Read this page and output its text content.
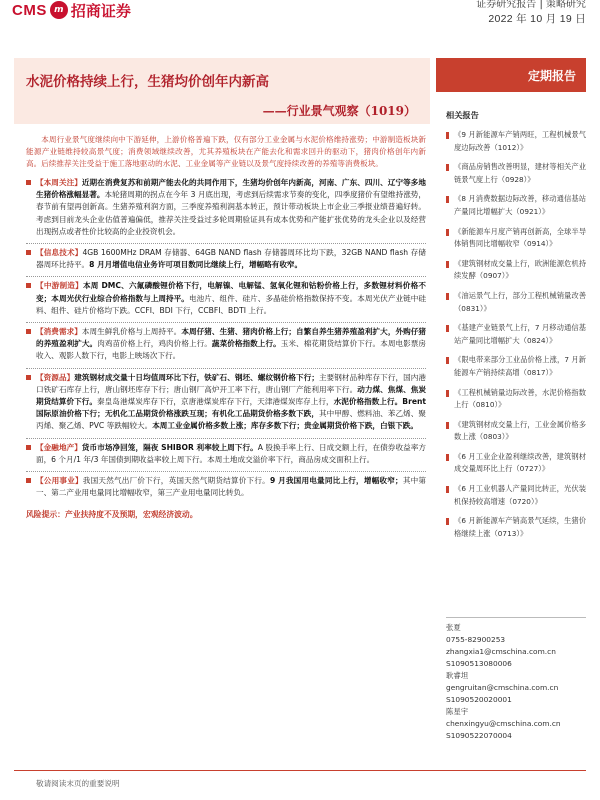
CMS m 招商证券	证券研究报告 | 策略研究
2022 年 10 月 19 日
水泥价格持续上行，生猪均价创年内新高
——行业景气观察（1019）
定期报告

本周行业景气度继续向中下游延伸，上游价格普遍下跌，仅有部分工业金属与水泥价格维持涨势；中游制造板块新能源产业链维持较高景气度；消费领域继续改善，尤其养殖板块在产能去化和需求回升的驱动下，猪肉价格创年内新高。后续推荐关注受益于施工落地驱动的水泥、工业金属等产业链以及景气度持续改善的养殖等消费板块。

【本周关注】近期在消费复苏和前期产能去化的共同作用下，生猪均价创年内新高，河南、广东、四川、辽宁等多地生猪价格涨幅显著。本轮猪周期的拐点在今年 3 月底出现，考虑到后续需求节奏的变化，四季度猪价有望维持涨势，春节前有望再创新高。生猪养殖利润方面，三季度养殖利润基本转正，预计带动板块上市企业三季报业绩普遍好转。考虑到目前龙头企业估值普遍偏低，推荐关注受益过多轮周期验证具有成本优势和产能扩张优势的龙头企业以及经营出现拐点或者性价比较高的企业投资机会。
【信息技术】4GB 1600MHz DRAM 存储器、64GB NAND flash 存储器周环比均下跌，32GB NAND flash 存储器周环比持平。8 月月增值电信业务许可项目数同比继续上行，增幅略有收窄。
【中游制造】本周 DMC、六氟磷酸锂价格下行，电解镍、电解锰、氢氧化锂和钴粉价格上行，多数锂材料价格不变；本周光伏行业综合价格指数与上周持平。电池片、组件、硅片、多晶硅价格指数保持不变。本周光伏产业链中硅料、组件、硅片价格均下跌。CCFI、BDI 下行，CCBFI、BDTI 上行。
【消费需求】本周生鲜乳价格与上周持平。本周仔猪、生猪、猪肉价格上行；自繁自养生猪养殖盈利扩大，外购仔猪的养殖盈利扩大。肉鸡苗价格上行，鸡肉价格上行。蔬菜价格指数上行。玉米、棉花期货结算价下行。本周电影票房收入、观影人数下行，电影上映场次下行。
【资源品】建筑钢材成交量十日均值周环比下行，铁矿石、钢坯、螺纹钢价格下行；主要钢材品种库存下行，国内港口铁矿石库存上行，唐山钢坯库存下行；唐山钢厂高炉开工率下行，唐山钢厂产能利用率下行。动力煤、焦煤、焦炭期货结算价下行。秦皇岛港煤炭库存下行，京唐港煤炭库存下行，天津港煤炭库存上行，水泥价格指数上行。Brent 国际原油价格下行；无机化工品期货价格涨跌互现；有机化工品期货价格多数下跌，其中甲醇、燃料油、苯乙烯、聚丙烯、聚乙烯、PVC 等跌幅较大。本周工业金属价格多数上涨；库存多数下行；贵金属期货价格下跌，白银下跌。
【金融地产】货币市场净回笼，隔夜 SHIBOR 利率较上周下行。A 股换手率上行、日成交额上行，在债券收益率方面，6 个月/1 年/3 年国债到期收益率较上周下行。本周土地成交溢价率下行，商品房成交面积上行。
【公用事业】我国天然气出厂价下行，英国天然气期货结算价下行。9 月我国用电量同比上行，增幅收窄；其中第一、第二产业用电量同比增幅收窄，第三产业用电量同比转负。
风险提示：产业扶持度不及预期，宏观经济波动。
相关报告
《9 月新能源车产销两旺，工程机械景气度边际改善（1012）》
《商品房销售改善明显，建材等相关产业链景气度上行（0928）》
《8 月消费数据边际改善，移动通信基站产量同比增幅扩大（0921）》
《新能源车月度产销再创新高，全球半导体销售同比增幅收窄（0914）》
《建筑钢材成交量上行，欧洲能源危机持续发酵（0907）》
《油运景气上行，部分工程机械销量改善（0831）》
《基建产业链景气上行，7 月移动通信基站产量同比增幅扩大（0824）》
《限电带来部分工业品价格上涨，7 月新能源车产销持续高增（0817）》
《工程机械销量边际改善，水泥价格指数上行（0810）》
《建筑钢材成交量上行，工业金属价格多数上涨（0803）》
《6 月工业企业盈利继续改善，建筑钢材成交量周环比上行（0727）》
《6 月工业机器人产量同比转正，光伏装机保持较高增速（0720）》
《6 月新能源车产销高景气延续，生猪价格继续上涨（0713）》
张夏
0755-82900253
zhangxia1@cmschina.com.cn
S1090513080006
耿睿坦
gengruitan@cmschina.com.cn
S1090520020001
陈星宇
chenxingyu@cmschina.com.cn
S1090522070004
敬请阅读末页的重要说明
